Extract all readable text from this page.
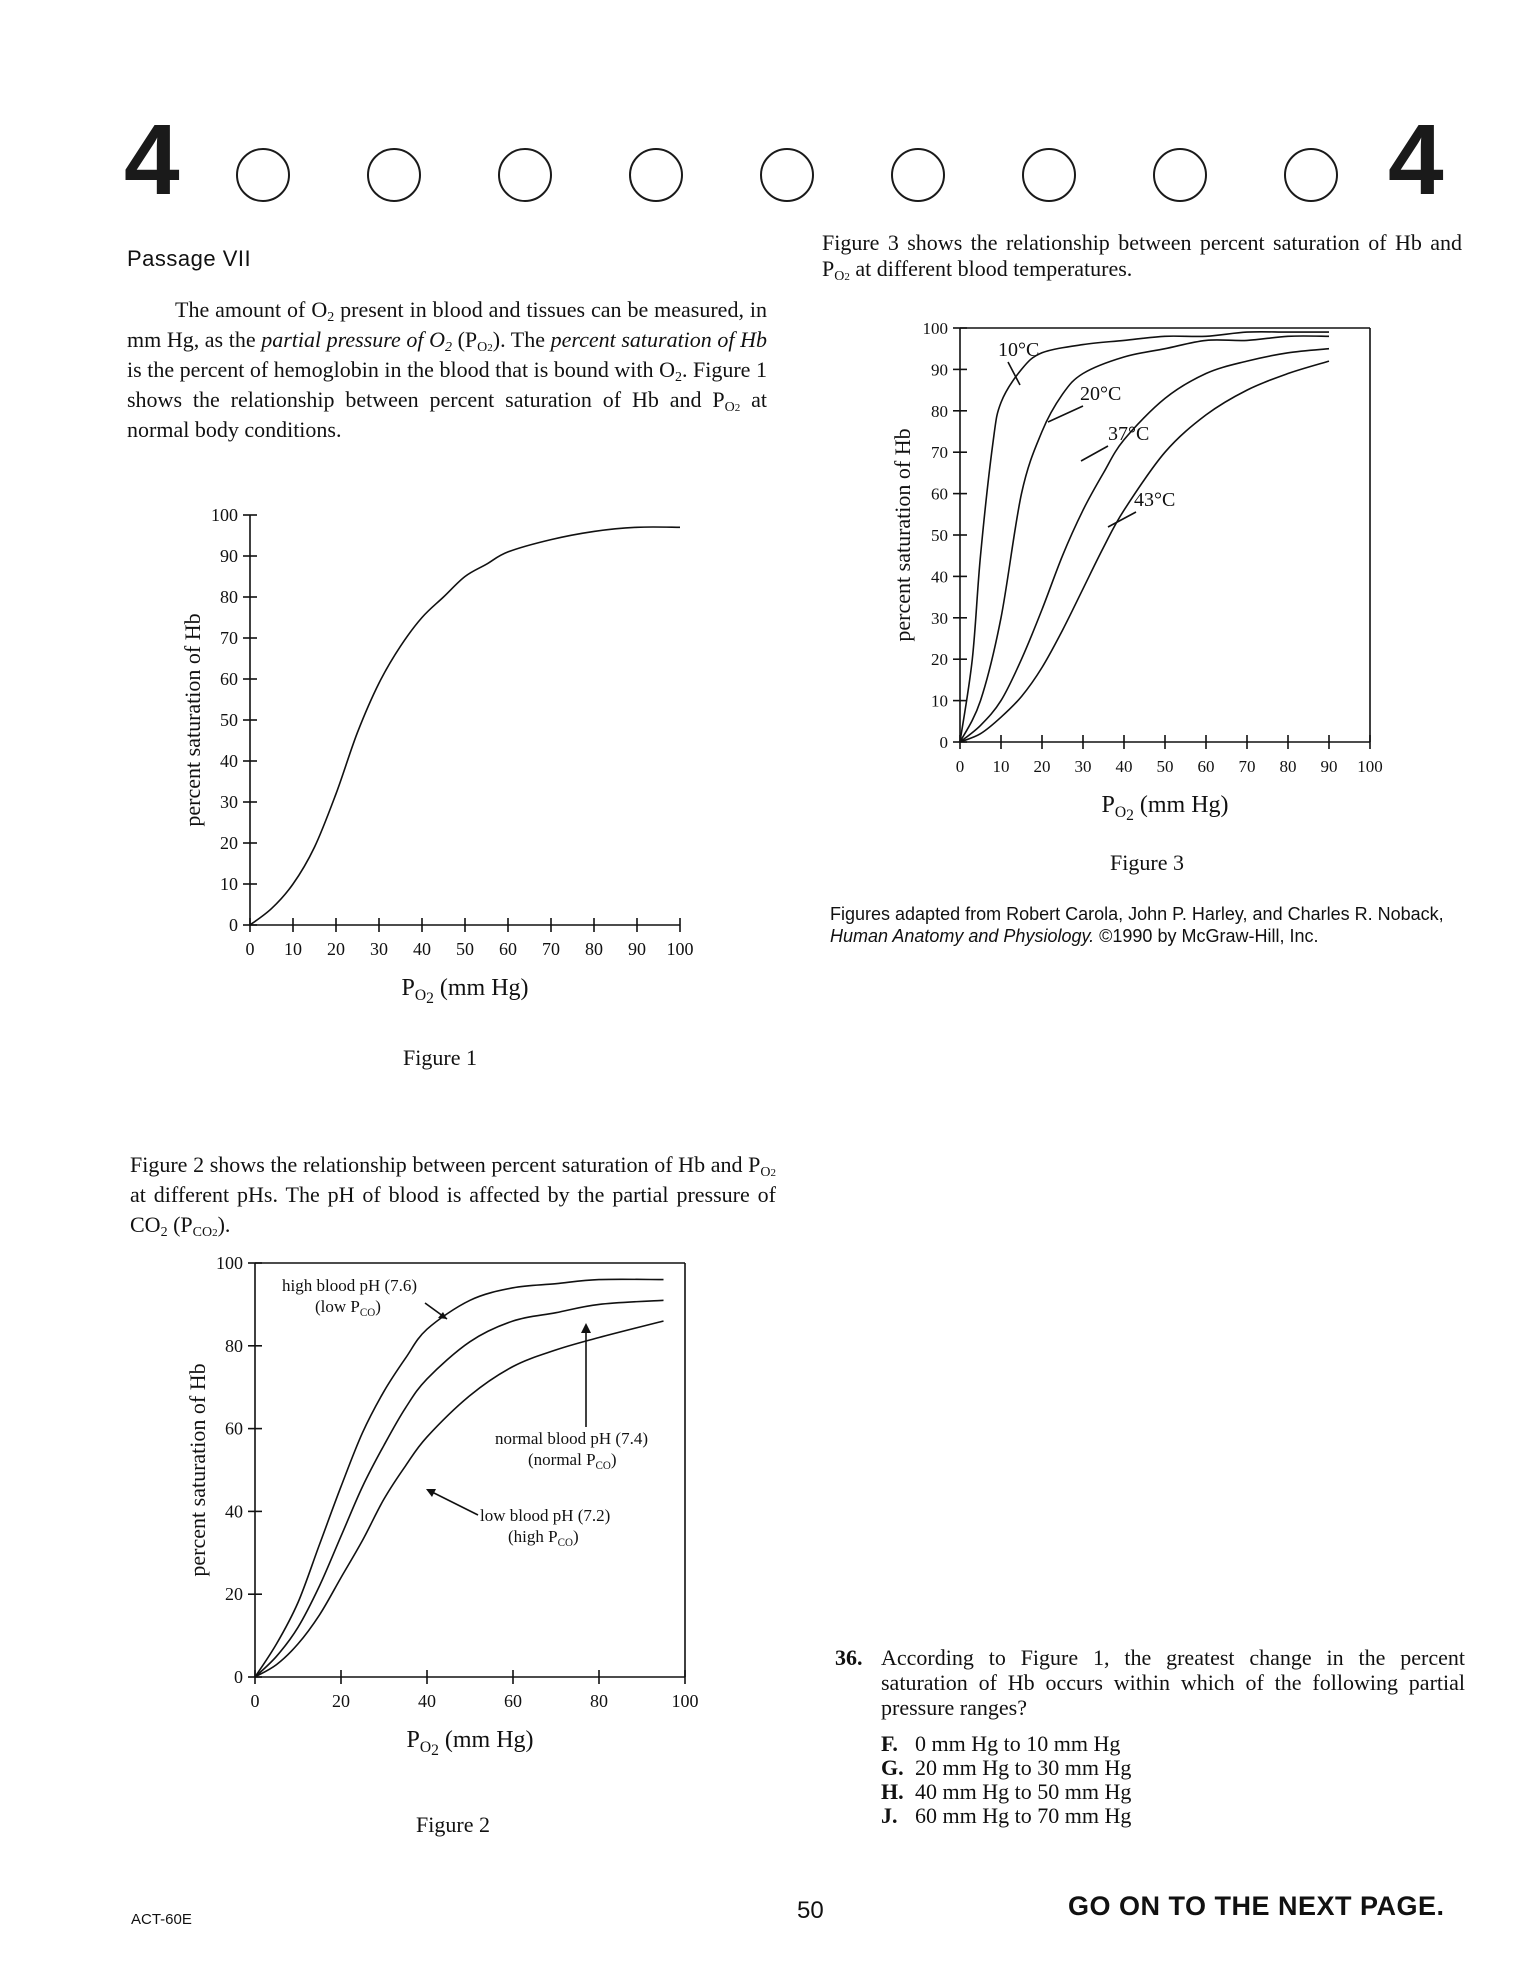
4	4
Passage VII
The amount of $O_2$ present in blood and tissues can be measured, in mm Hg, as the partial pressure of $O_2$ $(P_{O2})$. The percent saturation of Hb is the percent of hemoglobin in the blood that is bound with $O_2$. Figure 1 shows the relationship between percent saturation of Hb and $P_{O2}$ at normal body conditions.
0 10 20 30 40 50 60 70 80 90 100
0
10
20
30
40
50
60
70
80
90
100
$P_O2$ (mm Hg)
percent saturation of Hb
Figure 1
Figure 2 shows the relationship between percent saturation of Hb and $P_{O2}$ at different pHs. The pH of blood is affected by the partial pressure of $CO_2$ $(P_{CO2})$.
0	20	40	60	80	100
0
20
40
60
80
100
$P_O2$ (mm Hg)
percent saturation of Hb
high blood pH (7.6)
(low $P_{CO}$)
normal blood pH (7.4)
(normal $P_{CO}$)
low blood pH (7.2)
(high $P_{CO}$)
Figure 2
Figure 3 shows the relationship between percent saturation of Hb and $P_{O2}$ at different blood temperatures.
0 10 20 30 40 50 60 70 80 90 100
0
10
20
30
40
50
60
70
80
90
100
$P_O2$ (mm Hg)
percent saturation of Hb
10°C
20°C
37°C
43°C
Figure 3
Figures adapted from Robert Carola, John P. Harley, and Charles R. Noback, Human Anatomy and Physiology. ©1990 by McGraw-Hill, Inc.
36. According to Figure 1, the greatest change in the percent saturation of Hb occurs within which of the following partial pressure ranges?
F. 0 mm Hg to 10 mm Hg
G. 20 mm Hg to 30 mm Hg
H. 40 mm Hg to 50 mm Hg
J. 60 mm Hg to 70 mm Hg
ACT-60E	50	GO ON TO THE NEXT PAGE.
